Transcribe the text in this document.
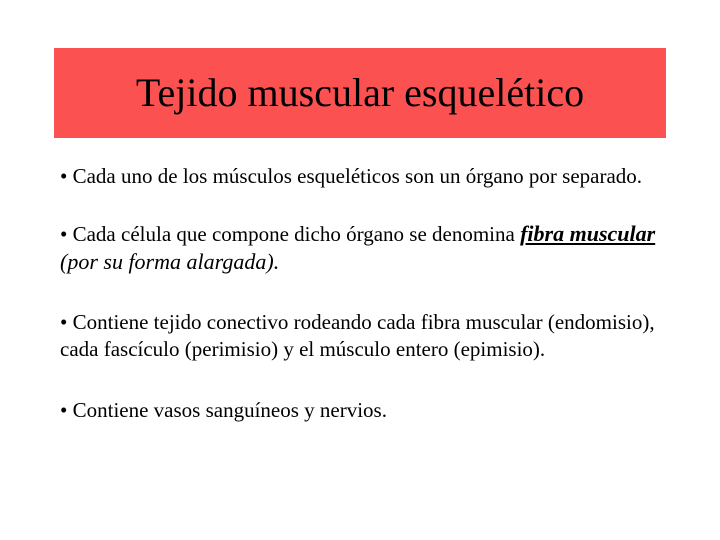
Tejido muscular esquelético
• Cada uno de los músculos esqueléticos son un órgano por separado.
• Cada célula que compone dicho órgano se denomina fibra muscular (por su forma alargada).
• Contiene tejido conectivo rodeando cada fibra muscular (endomisio), cada fascículo (perimisio) y el músculo entero (epimisio).
• Contiene vasos sanguíneos y nervios.
